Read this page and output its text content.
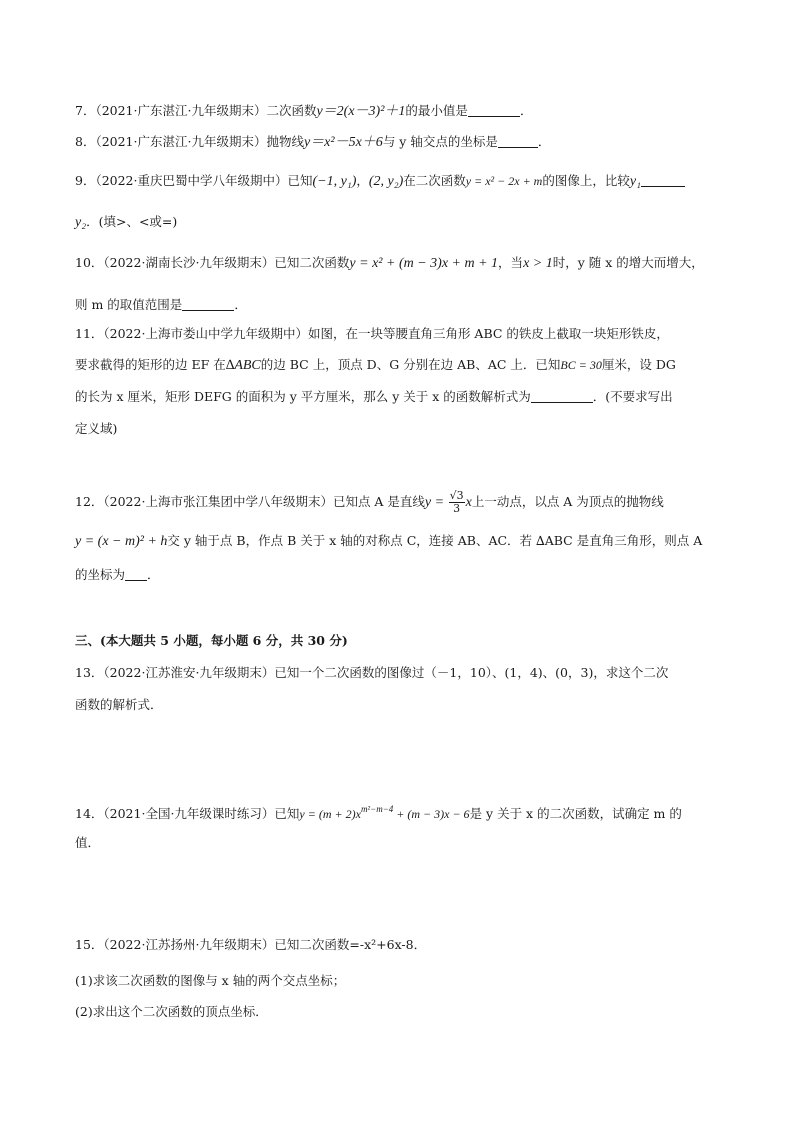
7．（2021·广东湛江·九年级期末）二次函数y＝2(x－3)²＋1的最小值是	．
8．（2021·广东湛江·九年级期末）抛物线y＝x²－5x＋6与 y 轴交点的坐标是	．
9．（2022·重庆巴蜀中学八年级期中）已知(−1, y₁)，(2, y₂)在二次函数y = x² − 2x + m的图像上，比较y₁
y₂．(填>、<或=)
10．（2022·湖南长沙·九年级期末）已知二次函数y = x² + (m − 3)x + m + 1，当x > 1时，y 随 x 的增大而增大，
则 m 的取值范围是	．
11．（2022·上海市娄山中学九年级期中）如图，在一块等腰直角三角形 ABC 的铁皮上截取一块矩形铁皮，
要求截得的矩形的边 EF 在∆ABC的边 BC 上，顶点 D、G 分别在边 AB、AC 上．已知BC = 30厘米，设 DG
的长为 x 厘米，矩形 DEFG 的面积为 y 平方厘米，那么 y 关于 x 的函数解析式为	．(不要求写出
定义域)
12．（2022·上海市张江集团中学八年级期末）已知点 A 是直线$y = \frac{√3}{3}$ x上一动点，以点 A 为顶点的抛物线
y = (x − m)² + h交 y 轴于点 B，作点 B 关于 x 轴的对称点 C，连接 AB、AC．若 ∆ABC 是直角三角形，则点 A
的坐标为 ．
三、(本大题共 5 小题，每小题 6 分，共 30 分)
13．（2022·江苏淮安·九年级期末）已知一个二次函数的图像过（－1，10）、(1，4)、(0，3)，求这个二次
函数的解析式．
14．（2021·全国·九年级课时练习）已知$y = (m + 2)x^{m^2-m-4} + (m - 3)x - 6$是 y 关于 x 的二次函数，试确定 m 的
值．
15．（2022·江苏扬州·九年级期末）已知二次函数=-x²+6x-8．
(1)求该二次函数的图像与 x 轴的两个交点坐标；
(2)求出这个二次函数的顶点坐标．
